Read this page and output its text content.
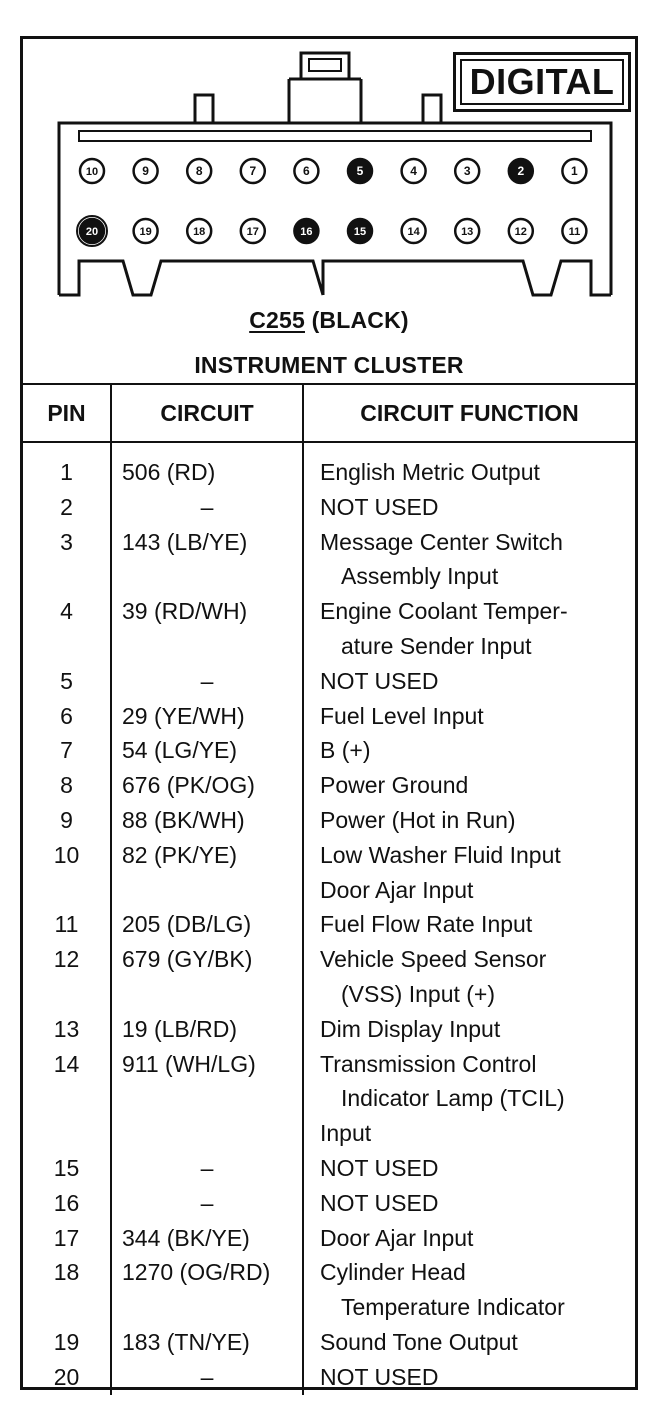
10	9	8	7	6	5	4	3	2	1
20	19	18	17	16	15	14	13	12	11
DIGITAL
C255 (BLACK)
INSTRUMENT CLUSTER
PIN	CIRCUIT	CIRCUIT FUNCTION
1	506 (RD)	English Metric Output

2	–	NOT USED

3	143 (LB/YE)	Message Center Switch
Assembly Input

4	39 (RD/WH)	Engine Coolant Temper-
ature Sender Input

5	–	NOT USED

6	29 (YE/WH)	Fuel Level Input

7	54 (LG/YE)	B (+)

8	676 (PK/OG)	Power Ground

9	88 (BK/WH)	Power (Hot in Run)

10	82 (PK/YE)	Low Washer Fluid Input
Door Ajar Input

11	205 (DB/LG)	Fuel Flow Rate Input

12	679 (GY/BK)	Vehicle Speed Sensor
(VSS) Input (+)

13	19 (LB/RD)	Dim Display Input

14	911 (WH/LG)	Transmission Control
Indicator Lamp (TCIL)
Input

15	–	NOT USED

16	–	NOT USED

17	344 (BK/YE)	Door Ajar Input

18	1270 (OG/RD)	Cylinder Head
Temperature Indicator

19	183 (TN/YE)	Sound Tone Output

20	–	NOT USED
